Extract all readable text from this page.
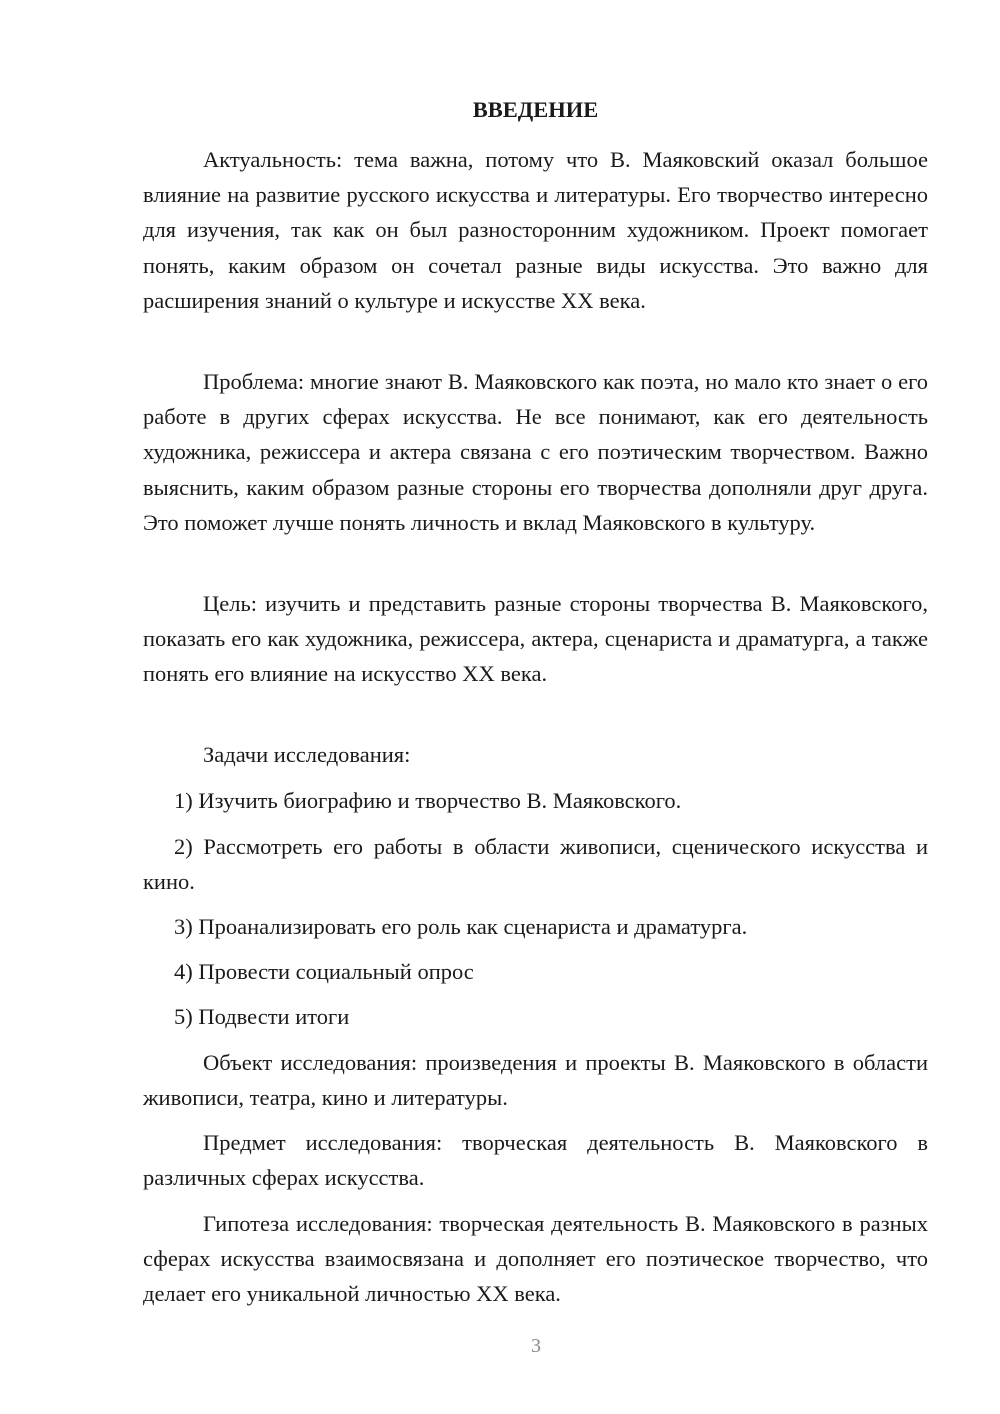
ВВЕДЕНИЕ

Актуальность: тема важна, потому что В. Маяковский оказал большое влияние на развитие русского искусства и литературы. Его творчество интересно для изучения, так как он был разносторонним художником. Проект помогает понять, каким образом он сочетал разные виды искусства. Это важно для расширения знаний о культуре и искусстве XX века.

Проблема: многие знают В. Маяковского как поэта, но мало кто знает о его работе в других сферах искусства. Не все понимают, как его деятельность художника, режиссера и актера связана с его поэтическим творчеством. Важно выяснить, каким образом разные стороны его творчества дополняли друг друга. Это поможет лучше понять личность и вклад Маяковского в культуру.

Цель: изучить и представить разные стороны творчества В. Маяковского, показать его как художника, режиссера, актера, сценариста и драматурга, а также понять его влияние на искусство XX века.

Задачи исследования:

1) Изучить биографию и творчество В. Маяковского.

2) Рассмотреть его работы в области живописи, сценического искусства и кино.

3) Проанализировать его роль как сценариста и драматурга.

4) Провести социальный опрос

5) Подвести итоги

Объект исследования: произведения и проекты В. Маяковского в области живописи, театра, кино и литературы.

Предмет исследования: творческая деятельность В. Маяковского в различных сферах искусства.

Гипотеза исследования: творческая деятельность В. Маяковского в разных сферах искусства взаимосвязана и дополняет его поэтическое творчество, что делает его уникальной личностью XX века.

3
